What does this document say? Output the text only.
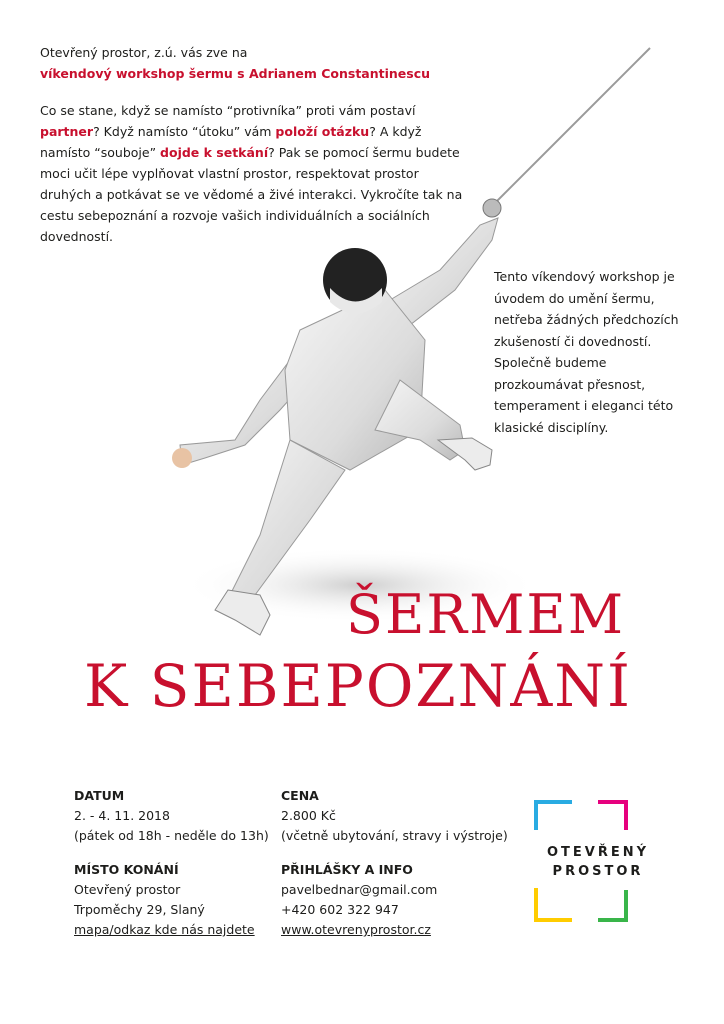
Otevřený prostor, z.ú. vás zve na

víkendový workshop šermu s Adrianem Constantinescu

Co se stane, když se namísto “protivníka” proti vám postaví partner? Když namísto “útoku” vám položí otázku? A když namísto “souboje” dojde k setkání? Pak se pomocí šermu budete moci učit lépe vyplňovat vlastní prostor, respektovat prostor druhých a potkávat se ve vědomé a živé interakci. Vykročíte tak na cestu sebepoznání a rozvoje vašich individuálních a sociálních dovedností.

Tento víkendový workshop je

úvodem do umění šermu,

netřeba žádných předchozích

zkušeností či dovedností.

Společně budeme

prozkoumávat přesnost,

temperament i eleganci této

klasické disciplíny.

ŠERMEM
K SEBEPOZNÁNÍ

DATUM

2. - 4. 11. 2018

(pátek od 18h - neděle do 13h)

MÍSTO KONÁNÍ

Otevřený prostor

Trpoměchy 29, Slaný

mapa/odkaz kde nás najdete

CENA

2.800 Kč

(včetně ubytování, stravy i výstroje)

PŘIHLÁŠKY A INFO

pavelbednar@gmail.com

+420 602 322 947

www.otevrenyprostor.cz

OTEVŘENÝ
PROSTOR
